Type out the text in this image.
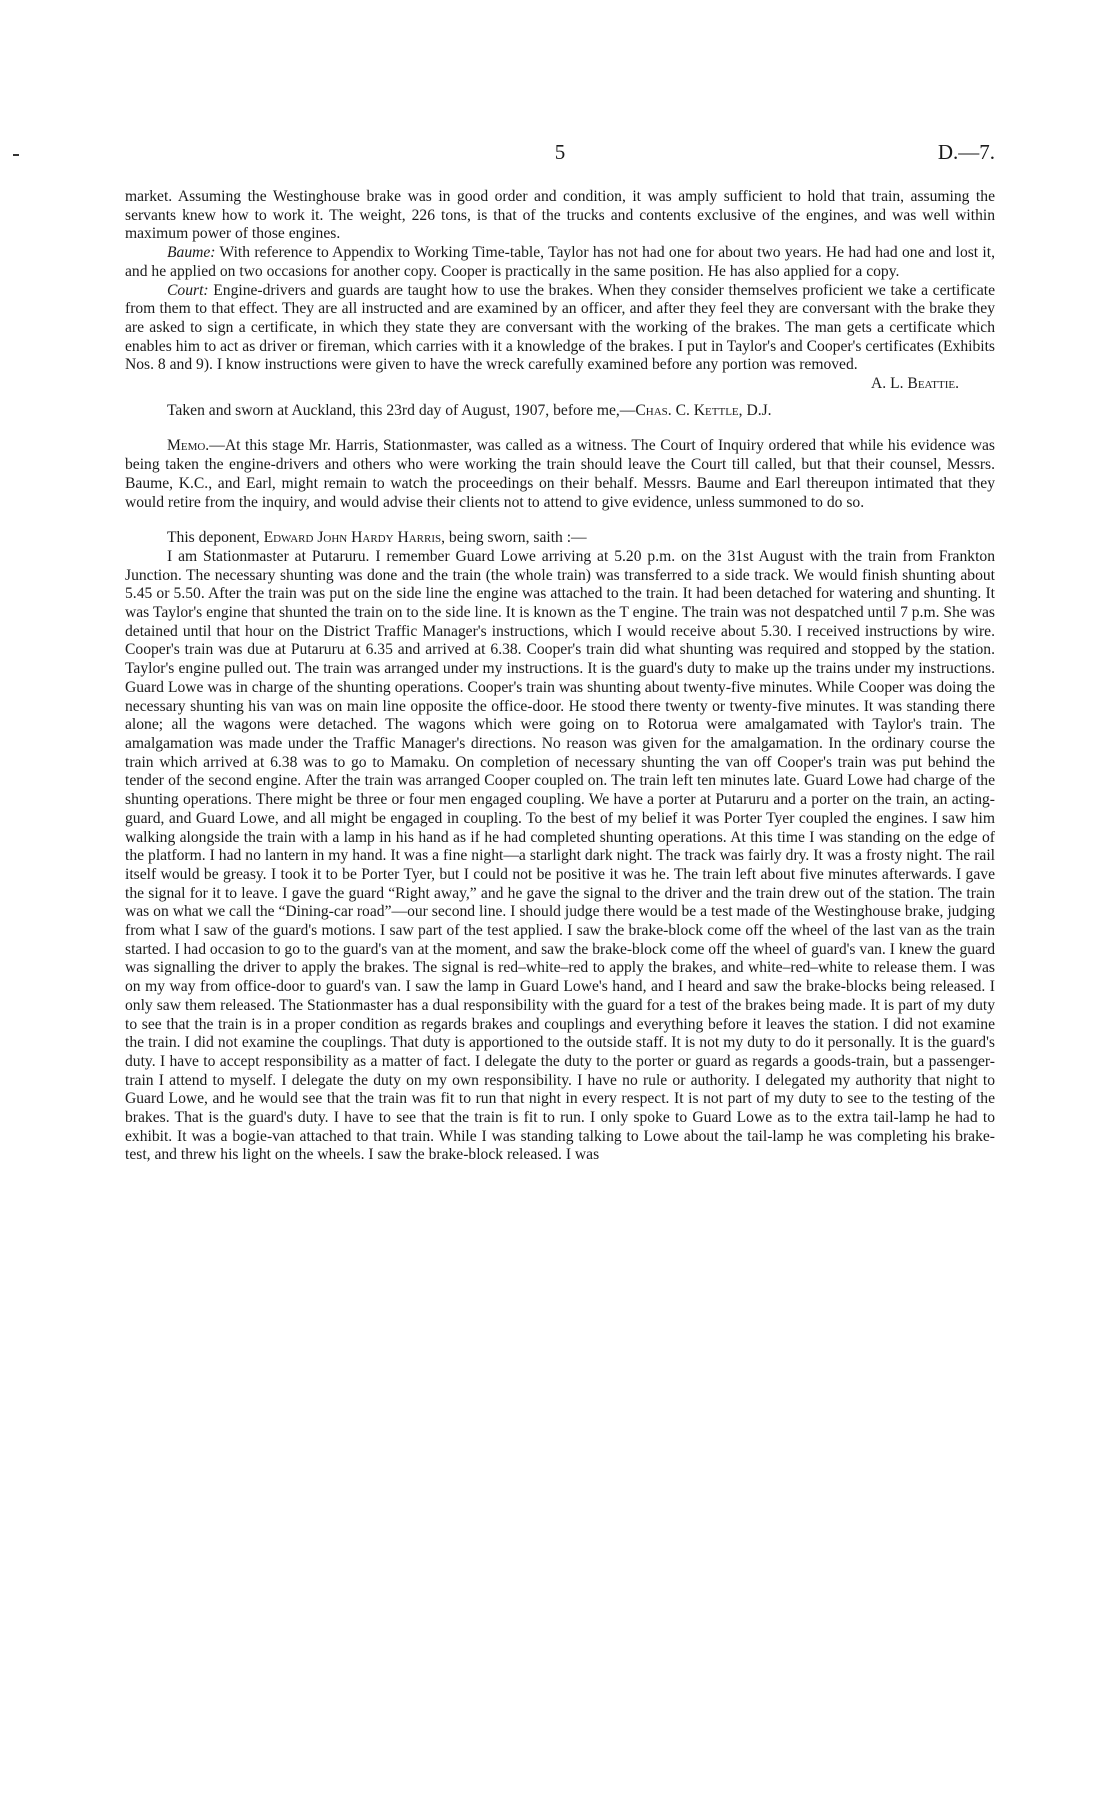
5	D.—7.

market. Assuming the Westinghouse brake was in good order and condition, it was amply sufficient to hold that train, assuming the servants knew how to work it. The weight, 226 tons, is that of the trucks and contents exclusive of the engines, and was well within maximum power of those engines.

Baume: With reference to Appendix to Working Time-table, Taylor has not had one for about two years. He had had one and lost it, and he applied on two occasions for another copy. Cooper is practically in the same position. He has also applied for a copy.

Court: Engine-drivers and guards are taught how to use the brakes. When they consider themselves proficient we take a certificate from them to that effect. They are all instructed and are examined by an officer, and after they feel they are conversant with the brake they are asked to sign a certificate, in which they state they are conversant with the working of the brakes. The man gets a certificate which enables him to act as driver or fireman, which carries with it a knowledge of the brakes. I put in Taylor's and Cooper's certificates (Exhibits Nos. 8 and 9). I know instructions were given to have the wreck carefully examined before any portion was removed.

A. L. Beattie.

Taken and sworn at Auckland, this 23rd day of August, 1907, before me,—Chas. C. Kettle, D.J.

Memo.—At this stage Mr. Harris, Stationmaster, was called as a witness. The Court of Inquiry ordered that while his evidence was being taken the engine-drivers and others who were working the train should leave the Court till called, but that their counsel, Messrs. Baume, K.C., and Earl, might remain to watch the proceedings on their behalf. Messrs. Baume and Earl thereupon intimated that they would retire from the inquiry, and would advise their clients not to attend to give evidence, unless summoned to do so.

This deponent, Edward John Hardy Harris, being sworn, saith :—

I am Stationmaster at Putaruru. I remember Guard Lowe arriving at 5.20 p.m. on the 31st August with the train from Frankton Junction. The necessary shunting was done and the train (the whole train) was transferred to a side track. We would finish shunting about 5.45 or 5.50. After the train was put on the side line the engine was attached to the train. It had been detached for watering and shunting. It was Taylor's engine that shunted the train on to the side line. It is known as the T engine. The train was not despatched until 7 p.m. She was detained until that hour on the District Traffic Manager's instructions, which I would receive about 5.30. I received instructions by wire. Cooper's train was due at Putaruru at 6.35 and arrived at 6.38. Cooper's train did what shunting was required and stopped by the station. Taylor's engine pulled out. The train was arranged under my instructions. It is the guard's duty to make up the trains under my instructions. Guard Lowe was in charge of the shunting operations. Cooper's train was shunting about twenty-five minutes. While Cooper was doing the necessary shunting his van was on main line opposite the office-door. He stood there twenty or twenty-five minutes. It was standing there alone; all the wagons were detached. The wagons which were going on to Rotorua were amalgamated with Taylor's train. The amalgamation was made under the Traffic Manager's directions. No reason was given for the amalgamation. In the ordinary course the train which arrived at 6.38 was to go to Mamaku. On completion of necessary shunting the van off Cooper's train was put behind the tender of the second engine. After the train was arranged Cooper coupled on. The train left ten minutes late. Guard Lowe had charge of the shunting operations. There might be three or four men engaged coupling. We have a porter at Putaruru and a porter on the train, an acting-guard, and Guard Lowe, and all might be engaged in coupling. To the best of my belief it was Porter Tyer coupled the engines. I saw him walking alongside the train with a lamp in his hand as if he had completed shunting operations. At this time I was standing on the edge of the platform. I had no lantern in my hand. It was a fine night—a starlight dark night. The track was fairly dry. It was a frosty night. The rail itself would be greasy. I took it to be Porter Tyer, but I could not be positive it was he. The train left about five minutes afterwards. I gave the signal for it to leave. I gave the guard “Right away,” and he gave the signal to the driver and the train drew out of the station. The train was on what we call the “Dining-car road”—our second line. I should judge there would be a test made of the Westinghouse brake, judging from what I saw of the guard's motions. I saw part of the test applied. I saw the brake-block come off the wheel of the last van as the train started. I had occasion to go to the guard's van at the moment, and saw the brake-block come off the wheel of guard's van. I knew the guard was signalling the driver to apply the brakes. The signal is red–white–red to apply the brakes, and white–red–white to release them. I was on my way from office-door to guard's van. I saw the lamp in Guard Lowe's hand, and I heard and saw the brake-blocks being released. I only saw them released. The Stationmaster has a dual responsibility with the guard for a test of the brakes being made. It is part of my duty to see that the train is in a proper condition as regards brakes and couplings and everything before it leaves the station. I did not examine the train. I did not examine the couplings. That duty is apportioned to the outside staff. It is not my duty to do it personally. It is the guard's duty. I have to accept responsibility as a matter of fact. I delegate the duty to the porter or guard as regards a goods-train, but a passenger-train I attend to myself. I delegate the duty on my own responsibility. I have no rule or authority. I delegated my authority that night to Guard Lowe, and he would see that the train was fit to run that night in every respect. It is not part of my duty to see to the testing of the brakes. That is the guard's duty. I have to see that the train is fit to run. I only spoke to Guard Lowe as to the extra tail-lamp he had to exhibit. It was a bogie-van attached to that train. While I was standing talking to Lowe about the tail-lamp he was completing his brake-test, and threw his light on the wheels. I saw the brake-block released. I was
